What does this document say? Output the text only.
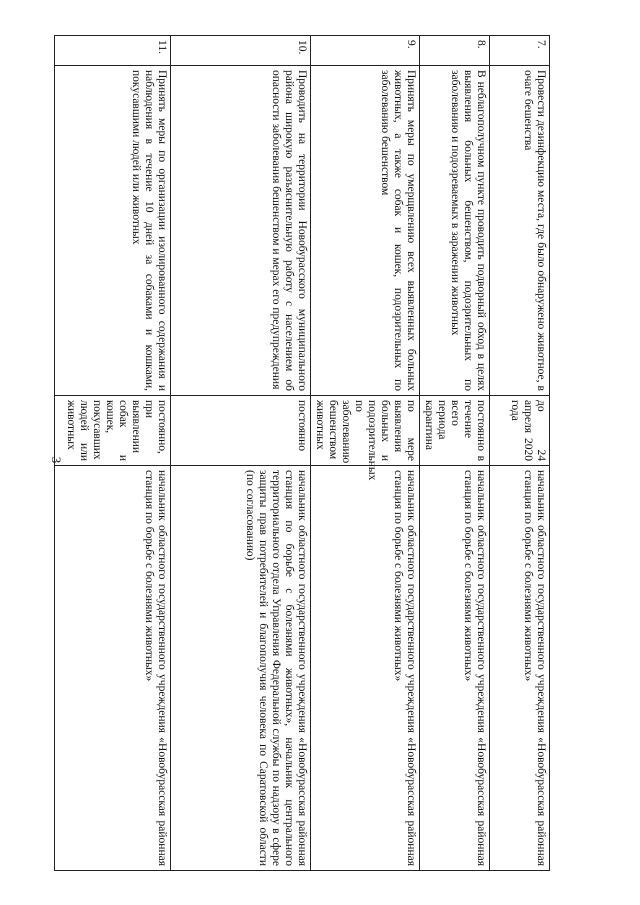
3
7.	Провести дезинфекцию места, где было обнаружено животное, в очаге бешенства	до 24 апреля 2020 года	начальник областного государственного учреждения «Новобурасская районная станция по борьбе с болезнями животных»
8.	В неблагополучном пункте проводить подворный обход в целях выявления больных бешенством, подозрительных по заболеванию и подозреваемых в заражении животных	постоянно в течение всего периода карантина	начальник областного государственного учреждения «Новобурасская районная станция по борьбе с болезнями животных»
9.	Принять меры по умерщвлению всех выявленных больных животных, а также собак и кошек, подозрительных по заболеванию бешенством	по мере выявления больных и подозрительных по заболеванию бешенством животных	начальник областного государственного учреждения «Новобурасская районная станция по борьбе с болезнями животных»
10.	Проводить на территории Новобурасского муниципального района широкую разъяснительную работу с населением об опасности заболевания бешенством и мерах его предупреждения	постоянно	начальник областного государственного учреждения «Новобурасская районная станция по борьбе с болезнями животных», начальник центрального территориального отдела Управления Федеральной службы по надзору в сфере защиты прав потребителей и благополучия человека по Саратовской области (по согласованию)
11.	Принять меры по организации изолированного содержания и наблюдения в течение 10 дней за собаками и кошками, покусавшими людей или животных	постоянно, при выявлении собак и кошек, покусавших людей или животных	начальник областного государственного учреждения «Новобурасская районная станция по борьбе с болезнями животных»
